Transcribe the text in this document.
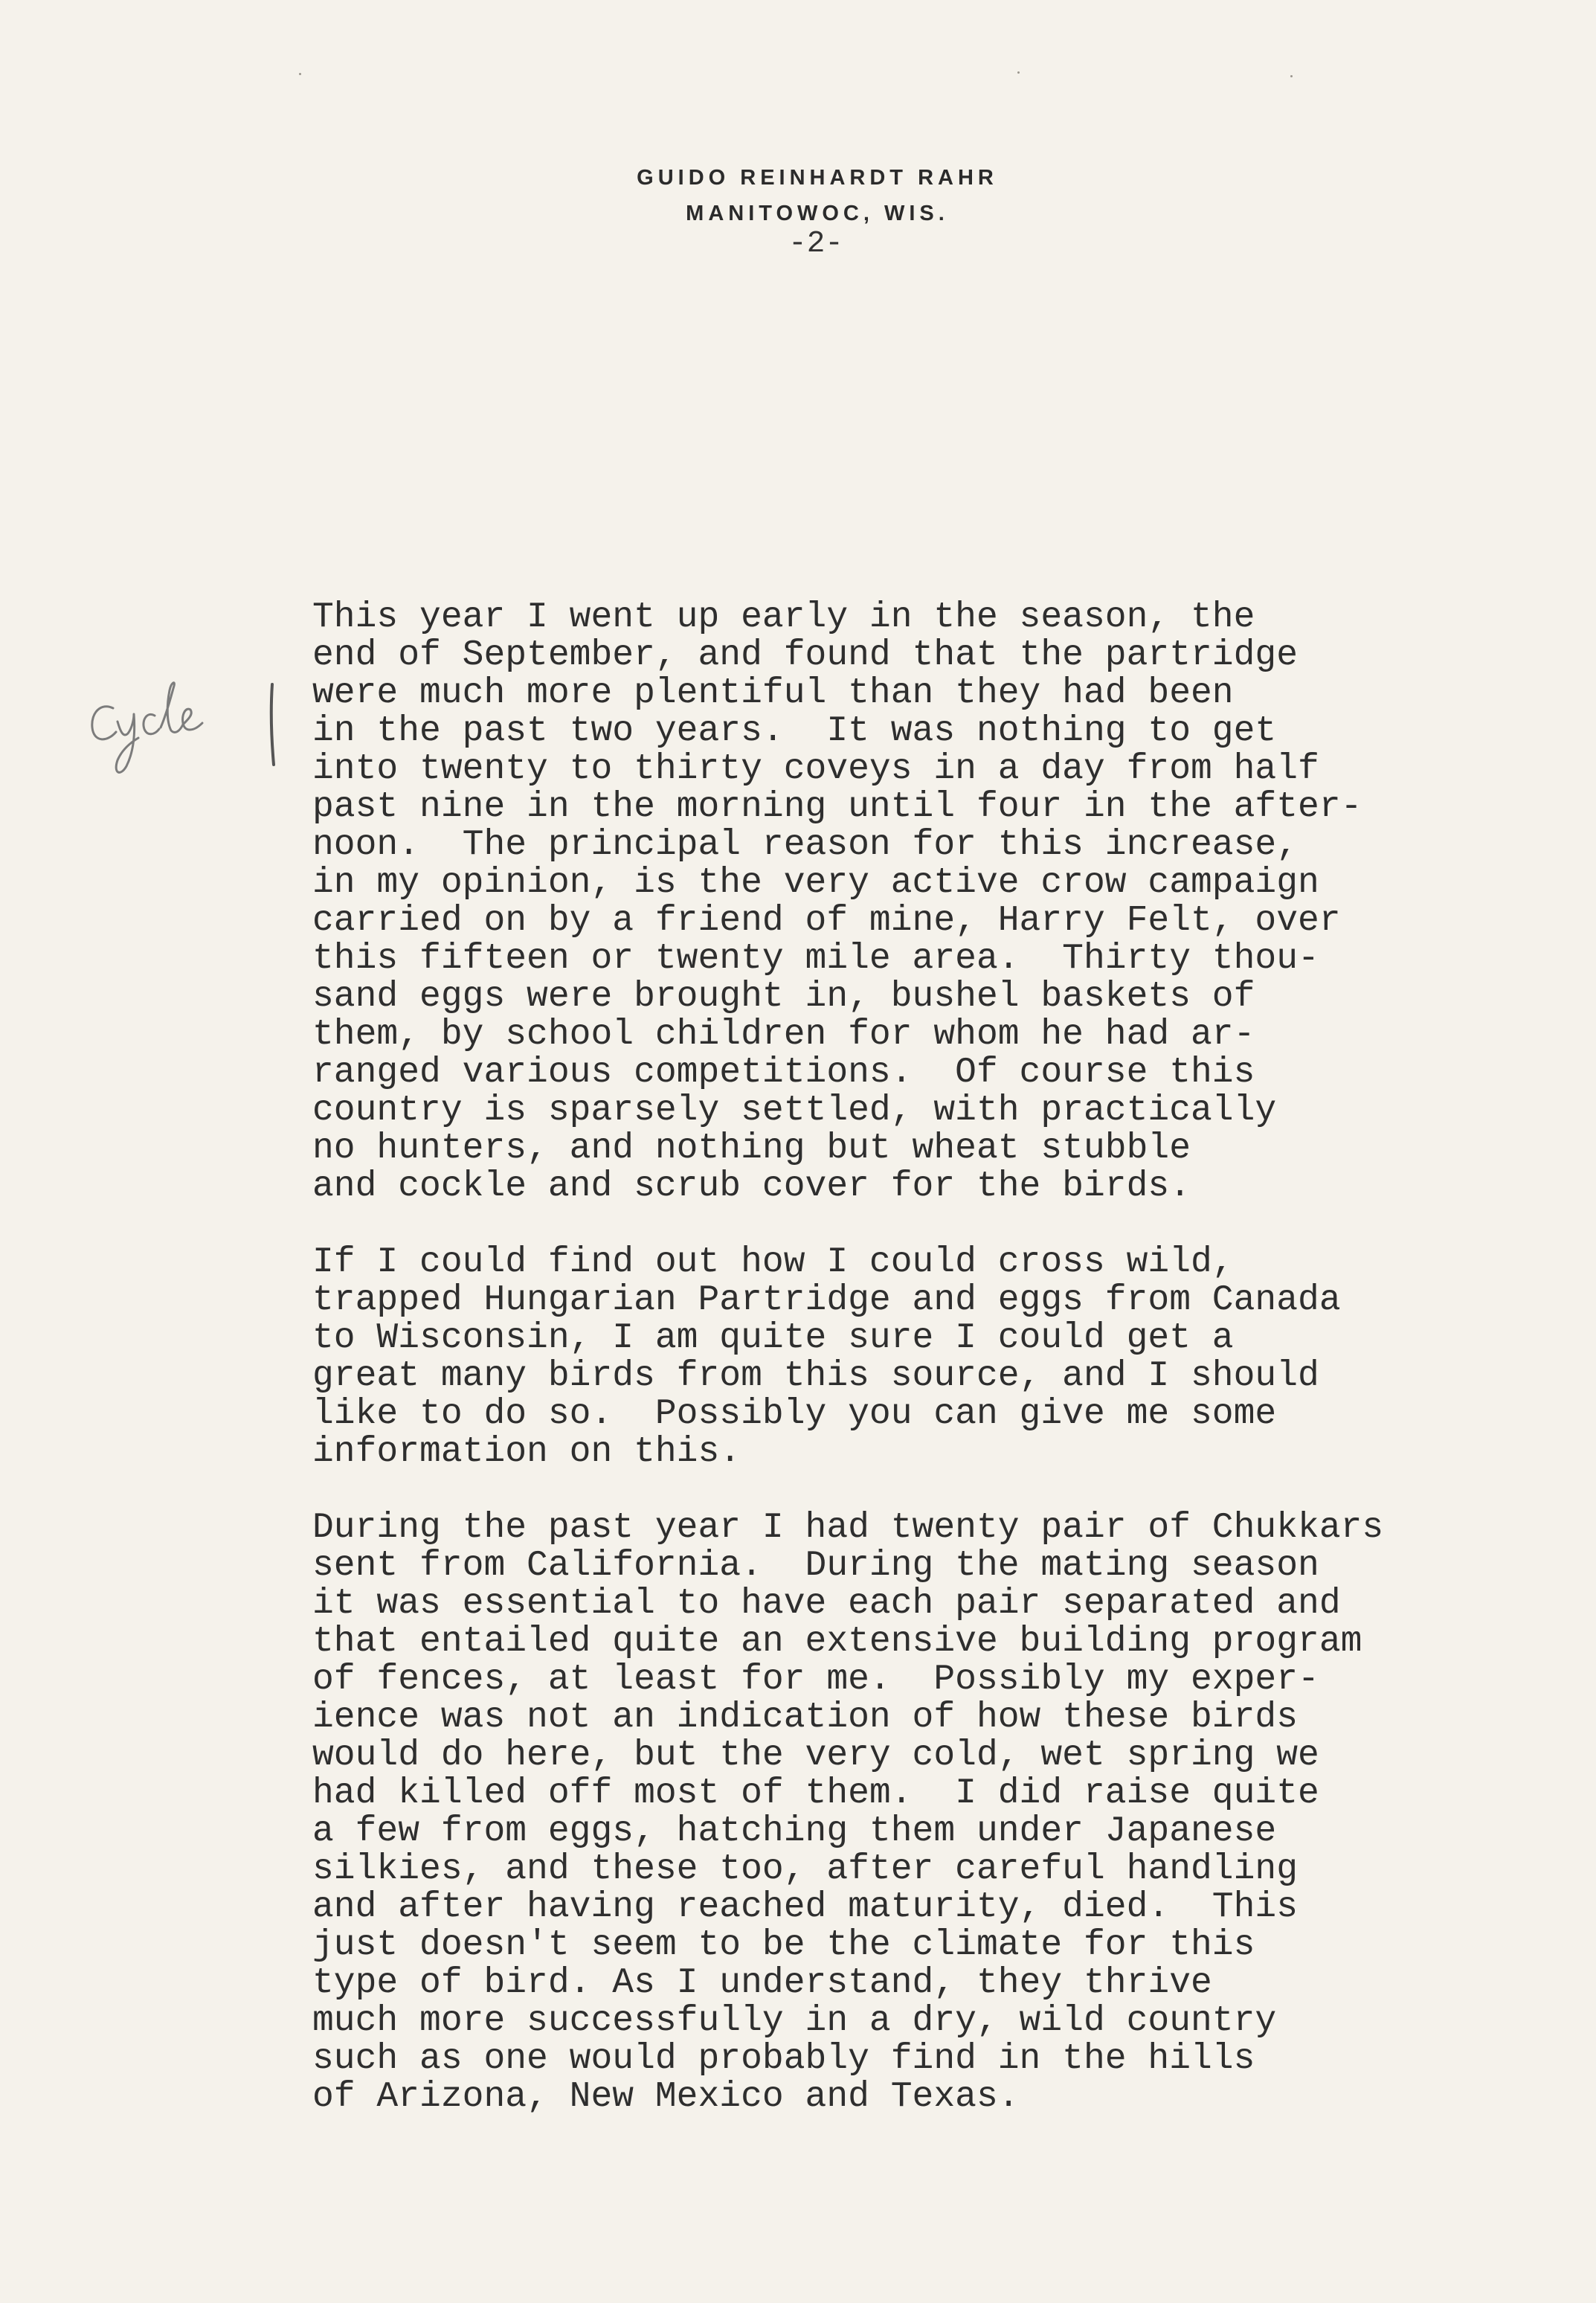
GUIDO REINHARDT RAHR
MANITOWOC, WIS.
-2-
This year I went up early in the season, the
end of September, and found that the partridge
were much more plentiful than they had been
in the past two years.  It was nothing to get
into twenty to thirty coveys in a day from half
past nine in the morning until four in the after-
noon.  The principal reason for this increase,
in my opinion, is the very active crow campaign
carried on by a friend of mine, Harry Felt, over
this fifteen or twenty mile area.  Thirty thou-
sand eggs were brought in, bushel baskets of
them, by school children for whom he had ar-
ranged various competitions.  Of course this
country is sparsely settled, with practically
no hunters, and nothing but wheat stubble
and cockle and scrub cover for the birds.
If I could find out how I could cross wild,
trapped Hungarian Partridge and eggs from Canada
to Wisconsin, I am quite sure I could get a
great many birds from this source, and I should
like to do so.  Possibly you can give me some
information on this.
During the past year I had twenty pair of Chukkars
sent from California.  During the mating season
it was essential to have each pair separated and
that entailed quite an extensive building program
of fences, at least for me.  Possibly my exper-
ience was not an indication of how these birds
would do here, but the very cold, wet spring we
had killed off most of them.  I did raise quite
a few from eggs, hatching them under Japanese
silkies, and these too, after careful handling
and after having reached maturity, died.  This
just doesn't seem to be the climate for this
type of bird. As I understand, they thrive
much more successfully in a dry, wild country
such as one would probably find in the hills
of Arizona, New Mexico and Texas.
